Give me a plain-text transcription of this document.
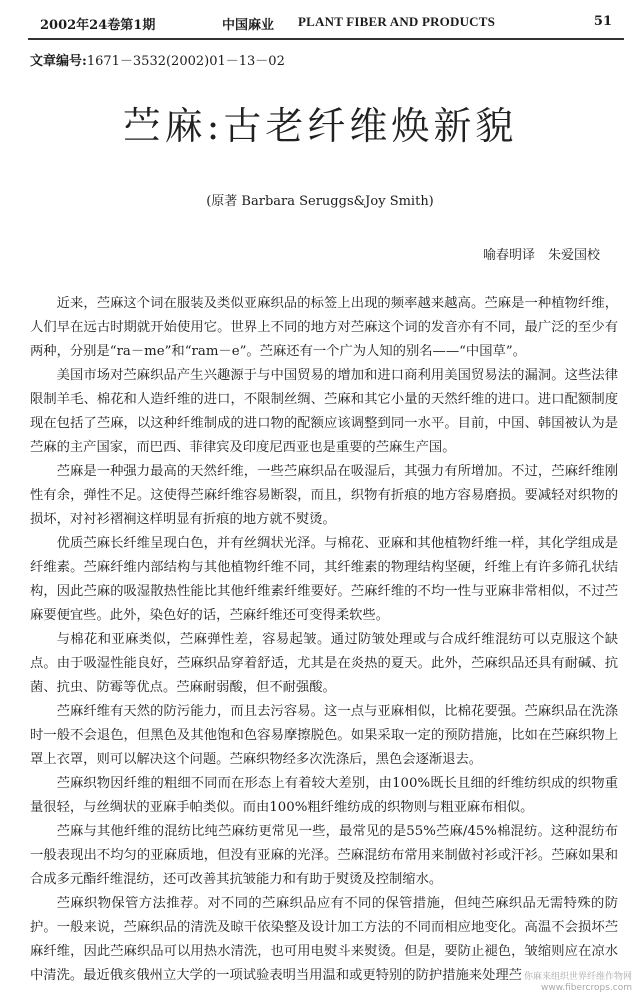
2002年24卷第1期	中国麻业 PLANT FIBER AND PRODUCTS	51
文章编号:1671－3532(2002)01－13－02
苎麻:古老纤维焕新貌
(原著 Barbara Seruggs&Joy Smith)
喻春明译　朱爱国校

近来，苎麻这个词在服装及类似亚麻织品的标签上出现的频率越来越高。苎麻是一种植物纤维，人们早在远古时期就开始使用它。世界上不同的地方对苎麻这个词的发音亦有不同，最广泛的至少有两种，分别是“ra－me”和“ram－e”。苎麻还有一个广为人知的别名——“中国草”。

美国市场对苎麻织品产生兴趣源于与中国贸易的增加和进口商利用美国贸易法的漏洞。这些法律限制羊毛、棉花和人造纤维的进口，不限制丝绸、苎麻和其它小量的天然纤维的进口。进口配额制度现在包括了苎麻，以这种纤维制成的进口物的配额应该调整到同一水平。目前，中国、韩国被认为是苎麻的主产国家，而巴西、菲律宾及印度尼西亚也是重要的苎麻生产国。

苎麻是一种强力最高的天然纤维，一些苎麻织品在吸湿后，其强力有所增加。不过，苎麻纤维刚性有余，弹性不足。这使得苎麻纤维容易断裂，而且，织物有折痕的地方容易磨损。要减轻对织物的损坏，对衬衫褶裥这样明显有折痕的地方就不熨烫。

优质苎麻长纤维呈现白色，并有丝绸状光泽。与棉花、亚麻和其他植物纤维一样，其化学组成是纤维素。苎麻纤维内部结构与其他植物纤维不同，其纤维素的物理结构坚硬，纤维上有许多筛孔状结构，因此苎麻的吸湿散热性能比其他纤维素纤维要好。苎麻纤维的不均一性与亚麻非常相似，不过苎麻要便宜些。此外，染色好的话，苎麻纤维还可变得柔软些。

与棉花和亚麻类似，苎麻弹性差，容易起皱。通过防皱处理或与合成纤维混纺可以克服这个缺点。由于吸湿性能良好，苎麻织品穿着舒适，尤其是在炎热的夏天。此外，苎麻织品还具有耐碱、抗菌、抗虫、防霉等优点。苎麻耐弱酸，但不耐强酸。

苎麻纤维有天然的防污能力，而且去污容易。这一点与亚麻相似，比棉花要强。苎麻织品在洗涤时一般不会退色，但黑色及其他饱和色容易摩擦脱色。如果采取一定的预防措施，比如在苎麻织物上罩上衣罩，则可以解决这个问题。苎麻织物经多次洗涤后，黑色会逐渐退去。

苎麻织物因纤维的粗细不同而在形态上有着较大差别，由100%既长且细的纤维纺织成的织物重量很轻，与丝绸状的亚麻手帕类似。而由100%粗纤维纺成的织物则与粗亚麻布相似。

苎麻与其他纤维的混纺比纯苎麻纺更常见一些，最常见的是55%苎麻/45%棉混纺。这种混纺布一般表现出不均匀的亚麻质地，但没有亚麻的光泽。苎麻混纺布常用来制做衬衫或汗衫。苎麻如果和合成多元酯纤维混纺，还可改善其抗皱能力和有助于熨烫及控制缩水。

苎麻织物保管方法推荐。对不同的苎麻织品应有不同的保管措施，但纯苎麻织品无需特殊的防护。一般来说，苎麻织品的清洗及晾干依染整及设计加工方法的不同而相应地变化。高温不会损坏苎麻纤维，因此苎麻织品可以用热水清洗，也可用电熨斗来熨烫。但是，要防止褪色，皱缩则应在凉水中清洗。最近俄亥俄州立大学的一项试验表明当用温和或更特别的防护措施来处理苎 你麻来组织世界纤维作物网
www.fibercrops.com
